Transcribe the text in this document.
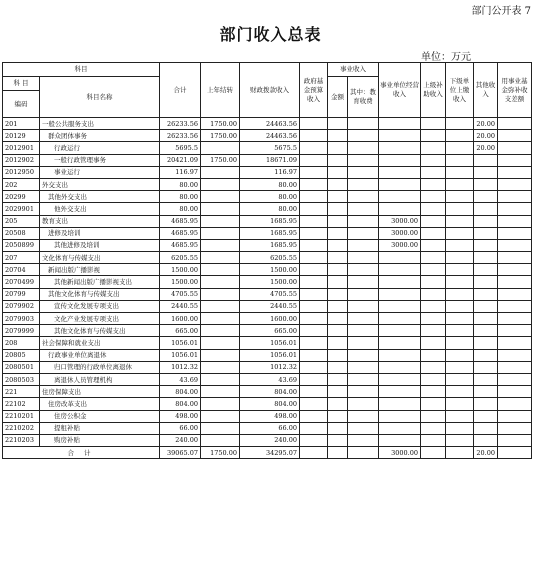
部门公开表 7
部门收入总表
单位：万元
科目		合计	上年结转	财政拨款收入	政府基金预算收入	事业收入		事业单位经营收入	上级补助收入	下级单位上缴收入	其他收入	用事业基金弥补收支差额
科 目	科目名称					金额	其中：教育收费					
编码												
201	一般公共服务支出	26233.56	1750.00	24463.56							20.00	
20129	群众团体事务	26233.56	1750.00	24463.56							20.00	
2012901	行政运行	5695.5		5675.5							20.00	
2012902	一般行政管理事务	20421.09	1750.00	18671.09								
2012950	事业运行	116.97		116.97								
202	外交支出	80.00		80.00								
20299	其他外交支出	80.00		80.00								
2029901	他外交支出	80.00		80.00								
205	教育支出	4685.95		1685.95				3000.00				
20508	进修及培训	4685.95		1685.95				3000.00				
2050899	其他进修及培训	4685.95		1685.95				3000.00				
207	文化体育与传媒支出	6205.55		6205.55								
20704	新闻出版广播影视	1500.00		1500.00								
2070499	其他新闻出版广播影视支出	1500.00		1500.00								
20799	其他文化体育与传媒支出	4705.55		4705.55								
2079902	宣传文化发展专项支出	2440.55		2440.55								
2079903	文化产业发展专项支出	1600.00		1600.00								
2079999	其他文化体育与传媒支出	665.00		665.00								
208	社会保障和就业支出	1056.01		1056.01								
20805	行政事业单位离退休	1056.01		1056.01								
2080501	归口管理的行政单位离退休	1012.32		1012.32								
2080503	离退休人员管理机构	43.69		43.69								
221	住房保障支出	804.00		804.00								
22102	住房改革支出	804.00		804.00								
2210201	住房公积金	498.00		498.00								
2210202	提租补贴	66.00		66.00								
2210203	购房补贴	240.00		240.00								
合 计		39065.07	1750.00	34295.07				3000.00			20.00	
